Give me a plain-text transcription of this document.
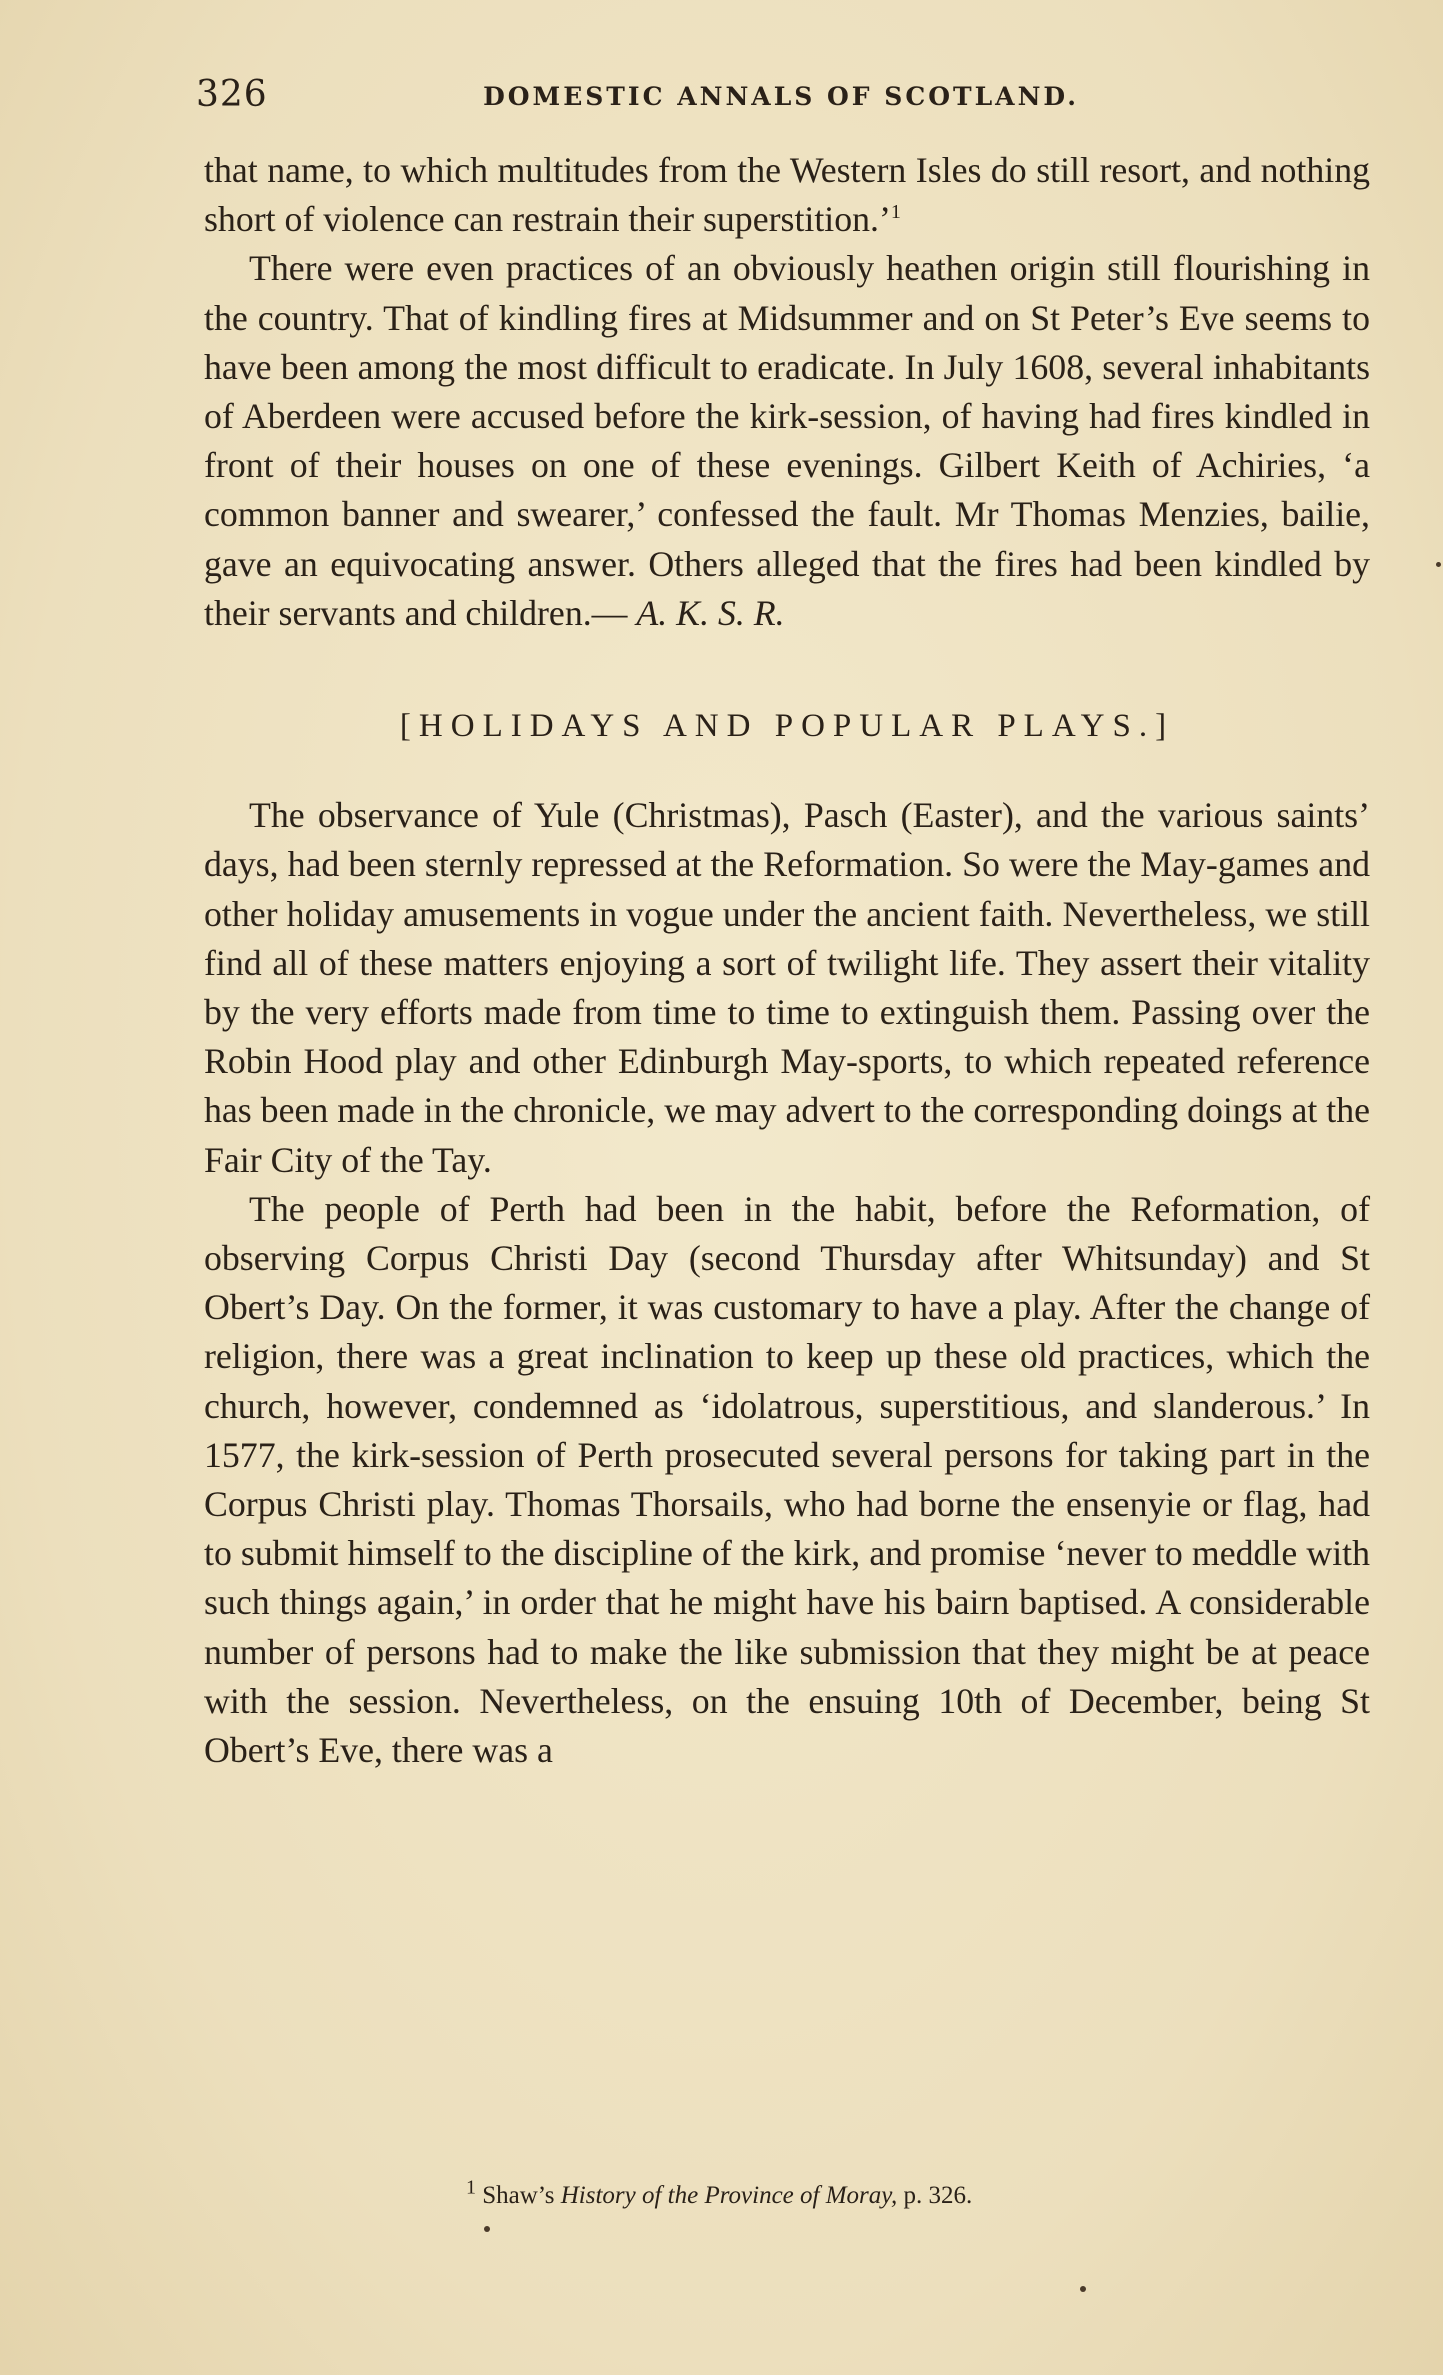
326	DOMESTIC ANNALS OF SCOTLAND.

that name, to which multitudes from the Western Isles do still resort, and nothing short of violence can restrain their superstition.’$^1$

There were even practices of an obviously heathen origin still flourishing in the country. That of kindling fires at Midsummer and on St Peter’s Eve seems to have been among the most difficult to eradicate. In July 1608, several inhabitants of Aberdeen were accused before the kirk-session, of having had fires kindled in front of their houses on one of these evenings. Gilbert Keith of Achiries, ‘a common banner and swearer,’ confessed the fault. Mr Thomas Menzies, bailie, gave an equivocating answer. Others alleged that the fires had been kindled by their servants and children.— A. K. S. R.

[HOLIDAYS AND POPULAR PLAYS.]

The observance of Yule (Christmas), Pasch (Easter), and the various saints’ days, had been sternly repressed at the Reformation. So were the May-games and other holiday amusements in vogue under the ancient faith. Nevertheless, we still find all of these matters enjoying a sort of twilight life. They assert their vitality by the very efforts made from time to time to extinguish them. Passing over the Robin Hood play and other Edinburgh May-sports, to which repeated reference has been made in the chronicle, we may advert to the corresponding doings at the Fair City of the Tay.

The people of Perth had been in the habit, before the Reformation, of observing Corpus Christi Day (second Thursday after Whitsunday) and St Obert’s Day. On the former, it was customary to have a play. After the change of religion, there was a great inclination to keep up these old practices, which the church, however, condemned as ‘idolatrous, superstitious, and slanderous.’ In 1577, the kirk-session of Perth prosecuted several persons for taking part in the Corpus Christi play. Thomas Thorsails, who had borne the ensenyie or flag, had to submit himself to the discipline of the kirk, and promise ‘never to meddle with such things again,’ in order that he might have his bairn baptised. A considerable number of persons had to make the like submission that they might be at peace with the session. Nevertheless, on the ensuing 10th of December, being St Obert’s Eve, there was a

$^1$ Shaw’s History of the Province of Moray, p. 326.
